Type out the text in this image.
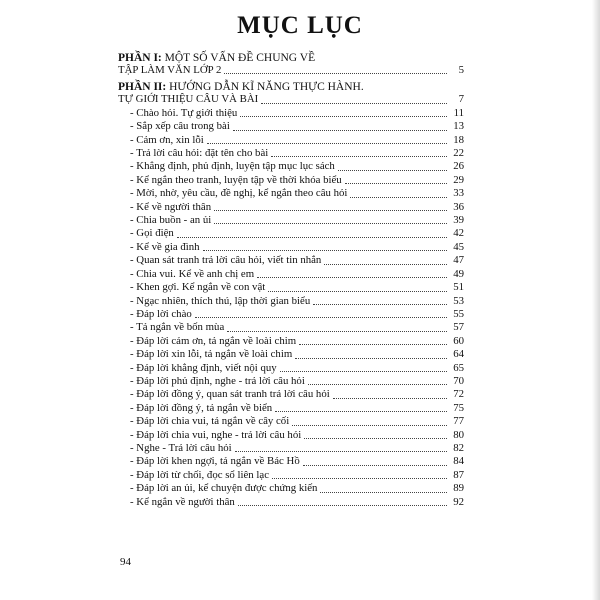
MỤC LỤC
PHẦN I: MỘT SỐ VẤN ĐỀ CHUNG VỀ
TẬP LÀM VĂN LỚP 2	5
PHẦN II: HƯỚNG DẪN KĨ NĂNG THỰC HÀNH.
TỰ GIỚI THIỆU CÂU VÀ BÀI	7
- Chào hỏi. Tự giới thiệu	11
- Sắp xếp câu trong bài	13
- Cảm ơn, xin lỗi	18
- Trả lời câu hỏi: đặt tên cho bài	22
- Khẳng định, phủ định, luyện tập mục lục sách	26
- Kể ngắn theo tranh, luyện tập về thời khóa biểu	29
- Mời, nhờ, yêu cầu, đề nghị, kể ngắn theo câu hỏi	33
- Kể về người thân	36
- Chia buồn - an ủi	39
- Gọi điện	42
- Kể về gia đình	45
- Quan sát tranh trả lời câu hỏi, viết tin nhắn	47
- Chia vui. Kể về anh chị em	49
- Khen gợi. Kể ngắn về con vật	51
- Ngạc nhiên, thích thú, lập thời gian biểu	53
- Đáp lời chào	55
- Tả ngắn về bốn mùa	57
- Đáp lời cảm ơn, tả ngắn về loài chim	60
- Đáp lời xin lỗi, tả ngắn về loài chim	64
- Đáp lời khẳng định, viết nội quy	65
- Đáp lời phủ định, nghe - trả lời câu hỏi	70
- Đáp lời đồng ý, quan sát tranh trả lời câu hỏi	72
- Đáp lời đồng ý, tả ngắn về biển	75
- Đáp lời chia vui, tả ngắn về cây cối	77
- Đáp lời chia vui, nghe - trả lời câu hỏi	80
- Nghe - Trả lời câu hỏi	82
- Đáp lời khen ngợi, tả ngắn về Bác Hồ	84
- Đáp lời từ chối, đọc sổ liên lạc	87
- Đáp lời an ủi, kể chuyện được chứng kiến	89
- Kể ngắn về người thân	92
94
